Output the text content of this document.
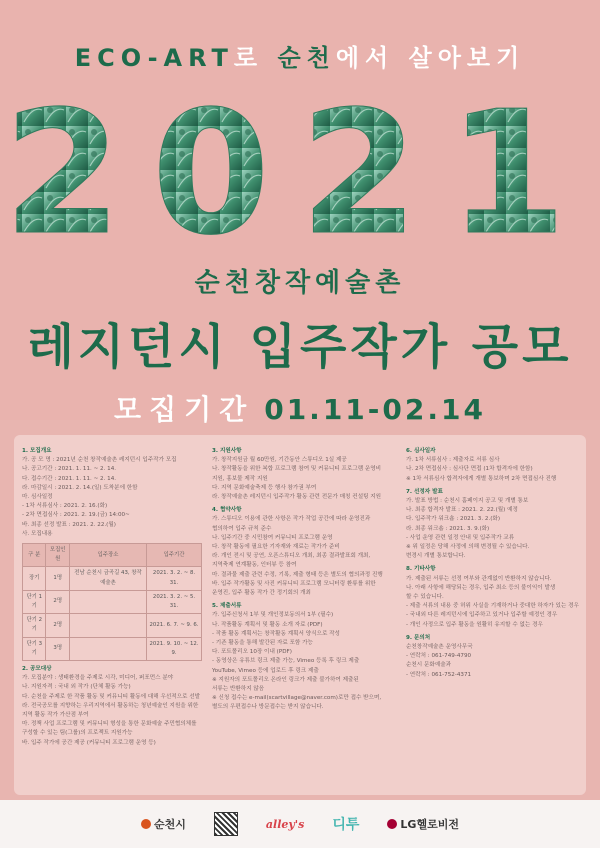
ECO-ART로 순천에서 살아보기
2021
순천창작예술촌
레지던시 입주작가 공모
모집기간 01.11-02.14
1. 모집개요
가. 공 모 명 : 2021년 순천 창작예술촌 레지던시 입주작가 모집
나. 공고기간 : 2021. 1. 11. ~ 2. 14.
다. 접수기간 : 2021. 1. 11. ~ 2. 14.
라. 마감일시 : 2021. 2. 14.(일) 도착분에 한함
마. 심사일정
- 1차 서류심사 : 2021. 2. 16.(화)
- 2차 면접심사 : 2021. 2. 19.(금) 14:00~
바. 최종 선정 발표 : 2021. 2. 22.(월)
사. 모집내용
구 분	모집인원	입주장소	입주기간
장기	1명	전남 순천시 금곡길 43, 창작예술촌	2021. 3. 2. ~ 8. 31.
단기 1기	2명		2021. 3. 2. ~ 5. 31.
단기 2기	2명		2021. 6. 7. ~ 9. 6.
단기 3기	3명		2021. 9. 10. ~ 12. 9.
2. 공모대상
가. 모집분야 : 생태환경을 주제로 시각, 미디어, 퍼포먼스 분야
나. 지원자격 : 국내 외 작가 (단체 활동 가능)
다. 순천을 주제로 한 작품 활동 및 커뮤니티 활동에 대해 우선적으로 선발
라. 전국공모를 지향하는 우리지역에서 활동하는 청년예술인 지원을 위한
지역 활동 작가 가산점 부여
마. 정책 사업 프로그램 및 커뮤니티 형성을 통한 문화예술 주민협의체를
구성할 수 있는 팀(그룹)의 프로젝트 지원가능
바. 입주 작가에 공간 제공 (커뮤니티 프로그램 운영 등)
3. 지원사항
가. 창작지원금 월 60만원, 기간동안 스튜디오 1실 제공
나. 창작활동을 위한 복합 프로그램 참여 및 커뮤니티 프로그램 운영비
지원, 홍보물 제작 지원
다. 지역 문화예술축제 등 행사 참가권 부여
라. 창작예술촌 레지던시 입주작가 활동 관련 전문가 매칭 컨설팅 지원
4. 협약사항
가. 스튜디오 이용에 관한 사항은 작가 작업 공간에 따라 운영진과
협의하여 입주 규칙 준수
나. 입주기간 중 시민참여 커뮤니티 프로그램 운영
다. 창작 활동에 필요한 기자재와 재료는 작가가 준비
라. 개인 전시 및 공연, 오픈스튜디오 개최, 최종 결과발표회 개최,
지역축제 연계활동, 인터뷰 등 참여
마. 결과물 제출 관련 수정, 기록, 제출 형태 등은 별도의 협의과정 진행
바. 입주 작가활동 및 사진 커뮤니티 프로그램 모니터링 환류를 위한
운영진, 입주 활동 작가 간 정기회의 개최
5. 제출서류
가. 입주신청서 1부 및 개인정보동의서 1부 (필수)
나. 작품활동 계획서 및 활동 소개 자료 (PDF)
- 작품 활동 계획서는 창작활동 계획서 양식으로 작성
- 기존 활동을 통해 발간된 자료 포함 가능
다. 포트폴리오 10장 이내 (PDF)
- 동영상은 유튜브 링크 제출 가능, Vimeo 등록 후 링크 제출
YouTube, Vimeo 등에 업로드 후 링크 제출
※ 지원자의 포트폴리오 온라인 링크가 제출 불가하여 제출된
서류는 반환하지 않음
※ 신청 접수는 e-mail(scartvillage@naver.com)로만 접수 받으며,
별도의 우편접수나 방문접수는 받지 않습니다.
6. 심사일자
가. 1차 서류심사 : 제출자료 서류 심사
나. 2차 면접심사 : 심사단 면접 (1차 합격자에 한함)
※ 1차 서류심사 합격자에게 개별 통보하며 2차 면접심사 진행
7. 선정자 발표
가. 발표 방법 : 순천시 홈페이지 공고 및 개별 통보
나. 최종 합격자 발표 : 2021. 2. 22.(월) 예정
다. 입주작가 워크숍 : 2021. 3. 2.(화)
라. 최종 워크숍 : 2021. 3. 9.(화)
- 사업 운영 관련 일정 안내 및 입주작가 교류
※ 위 일정은 당해 사정에 의해 변경될 수 있습니다.
변경시 개별 통보합니다.
8. 기타사항
가. 제출된 서류는 선정 여부와 관계없이 반환하지 않습니다.
나. 아래 사항에 해당되는 경우, 입주 최소 등의 불이익이 발생
할 수 있습니다.
- 제출 서류의 내용 중 허위 사실을 기재하거나 중대한 하자가 있는 경우
- 국내외 다른 레지던시에 입주하고 있거나 입주할 예정인 경우
- 개인 사정으로 입주 활동을 원활히 유지할 수 없는 경우
9. 문의처
순천창작예술촌 운영사무국
- 연락처 : 061-749-4790
순천시 문화예술과
- 연락처 : 061-752-4371
순천시	alley's 디투	LG헬로비전
